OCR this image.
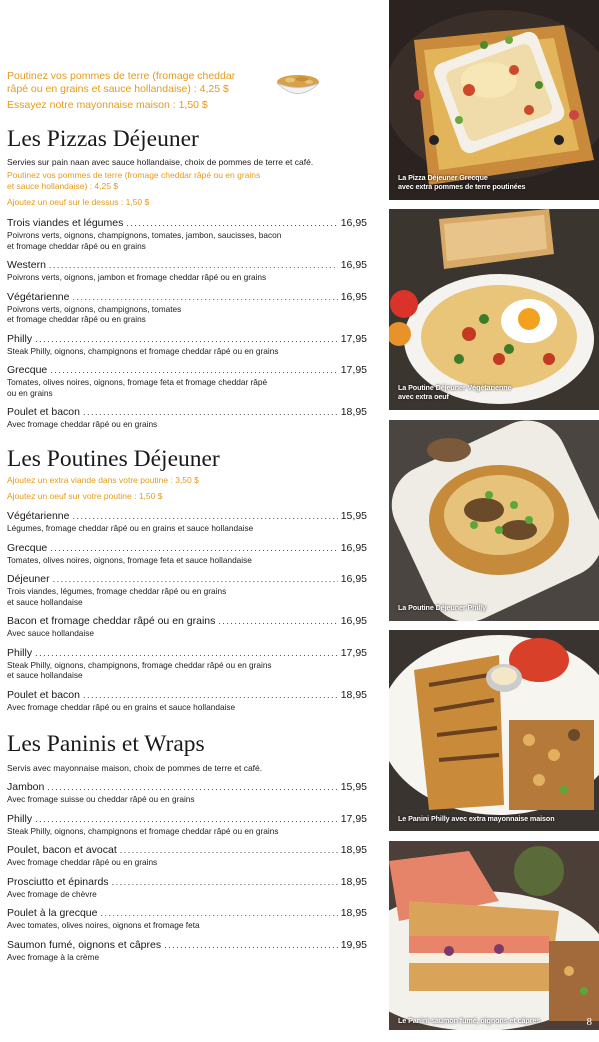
Poutinez vos pommes de terre (fromage cheddar
râpé ou en grains et sauce hollandaise) : 4,25 $
Essayez notre mayonnaise maison : 1,50 $
Les Pizzas Déjeuner
Servies sur pain naan avec sauce hollandaise, choix de pommes de terre et café.
Poutinez vos pommes de terre (fromage cheddar râpé ou en grains
et sauce hollandaise) : 4,25 $
Ajoutez un oeuf sur le dessus : 1,50 $
Trois viandes et légumes . . .	16,95
Poivrons verts, oignons, champignons, tomates, jambon, saucisses, bacon
et fromage cheddar râpé ou en grains
Western . . .	16,95
Poivrons verts, oignons, jambon et fromage cheddar râpé ou en grains
Végétarienne . . .	16,95
Poivrons verts, oignons, champignons, tomates
et fromage cheddar râpé ou en grains
Philly . . .	17,95
Steak Philly, oignons, champignons et fromage cheddar râpé ou en grains
Grecque . . .	17,95
Tomates, olives noires, oignons, fromage feta et fromage cheddar râpé
ou en grains
Poulet et bacon . . .	18,95
Avec fromage cheddar râpé ou en grains
Les Poutines Déjeuner
Ajoutez un extra viande dans votre poutine : 3,50 $
Ajoutez un oeuf sur votre poutine : 1,50 $
Végétarienne . . .	15,95
Légumes, fromage cheddar râpé ou en grains et sauce hollandaise
Grecque . . .	16,95
Tomates, olives noires, oignons, fromage feta et sauce hollandaise
Déjeuner . . .	16,95
Trois viandes, légumes, fromage cheddar râpé ou en grains
et sauce hollandaise
Bacon et fromage cheddar râpé ou en grains . . .	16,95
Avec sauce hollandaise
Philly . . .	17,95
Steak Philly, oignons, champignons, fromage cheddar râpé ou en grains
et sauce hollandaise
Poulet et bacon . . .	18,95
Avec fromage cheddar râpé ou en grains et sauce hollandaise
Les Paninis et Wraps
Servis avec mayonnaise maison, choix de pommes de terre et café.
Jambon . . .	15,95
Avec fromage suisse ou cheddar râpé ou en grains
Philly . . .	17,95
Steak Philly, oignons, champignons et fromage cheddar râpé ou en grains
Poulet, bacon et avocat . . .	18,95
Avec fromage cheddar râpé ou en grains
Prosciutto et épinards . . .	18,95
Avec fromage de chèvre
Poulet à la grecque . . .	18,95
Avec tomates, olives noires, oignons et fromage feta
Saumon fumé, oignons et câpres . . .	19,95
Avec fromage à la crème
La Pizza Déjeuner Grecque
avec extra pommes de terre poutinées
La Poutine Déjeuner Végétarienne
avec extra oeuf
La Poutine Déjeuner Philly
Le Panini Philly avec extra mayonnaise maison
Le Panini saumon fumé, oignons et câpres	8
